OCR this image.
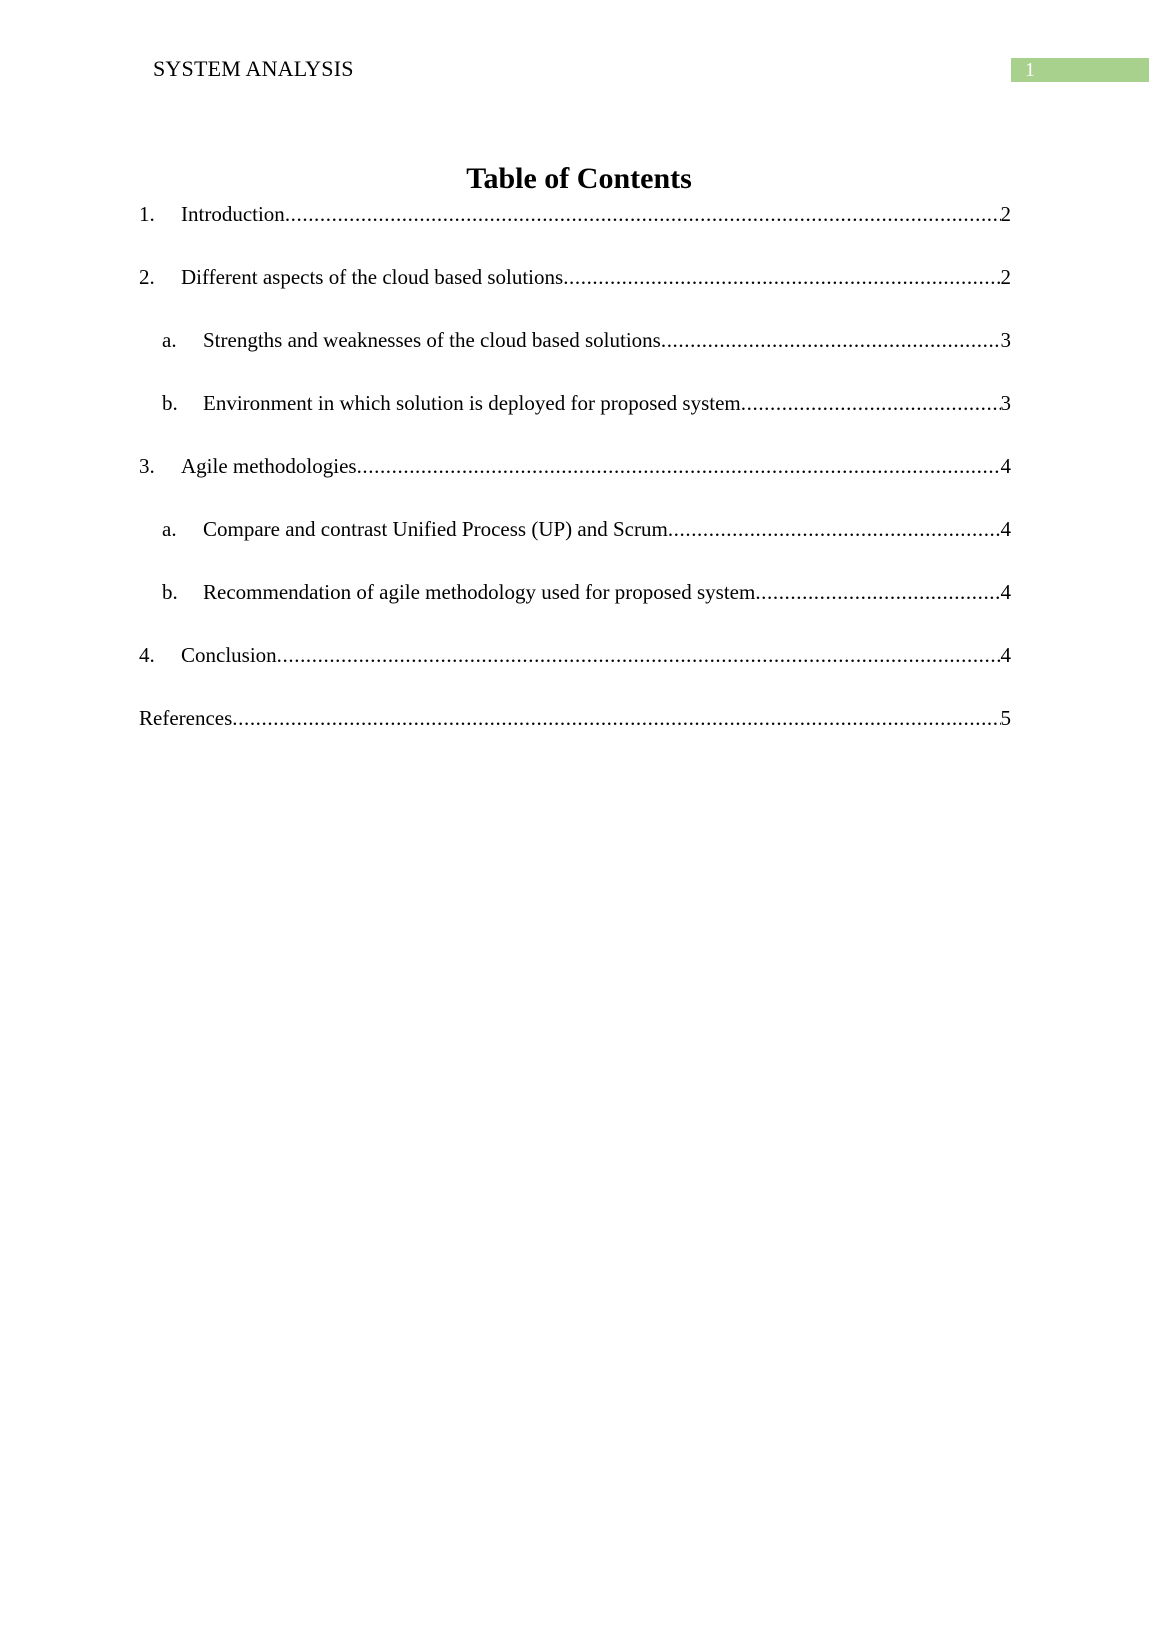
SYSTEM ANALYSIS	1
Table of Contents
1.	Introduction .....	2
2.	Different aspects of the cloud based solutions .....	2
a.	Strengths and weaknesses of the cloud based solutions .....	3
b.	Environment in which solution is deployed for proposed system .....	3
3.	Agile methodologies .....	4
a.	Compare and contrast Unified Process (UP) and Scrum .....	4
b.	Recommendation of agile methodology used for proposed system .....	4
4.	Conclusion .....	4
References .....	5
